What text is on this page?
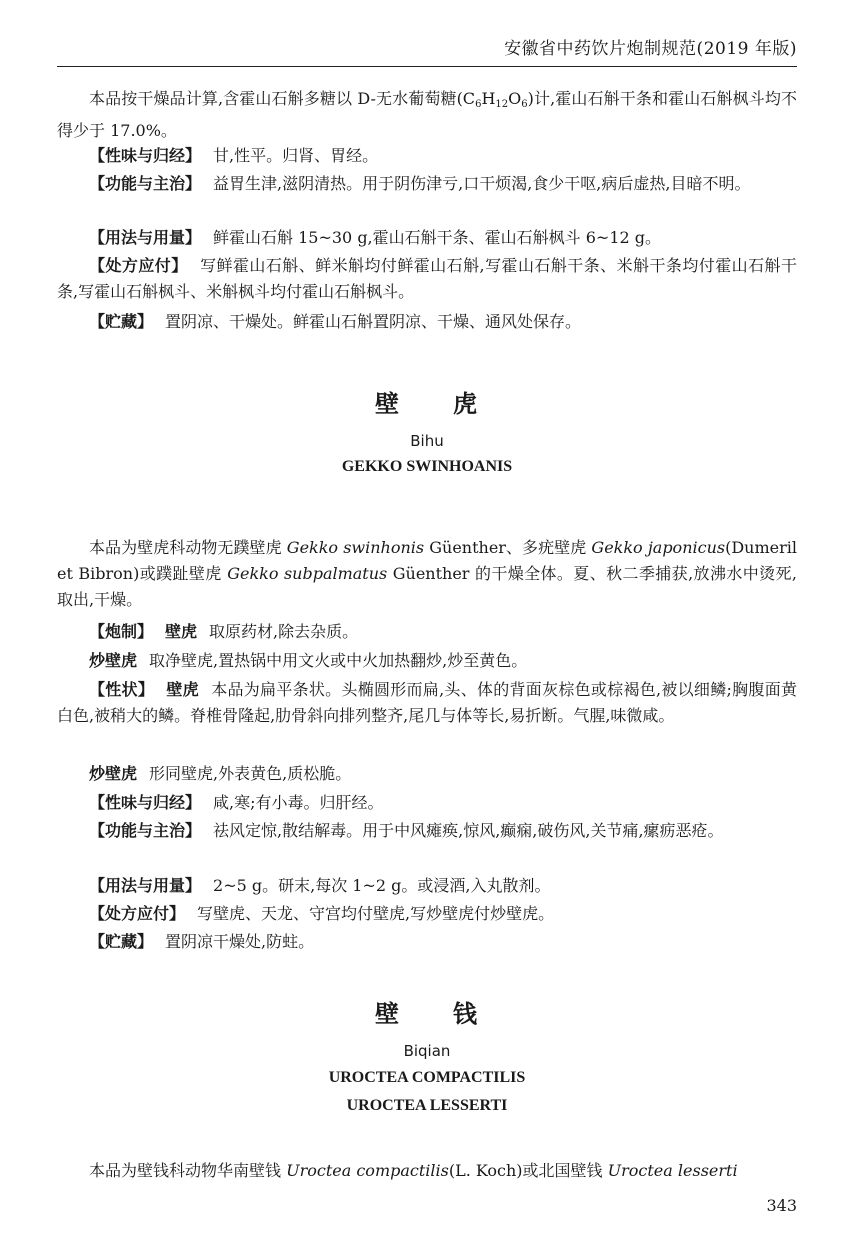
安徽省中药饮片炮制规范(2019 年版)

本品按干燥品计算,含霍山石斛多糖以 D-无水葡萄糖(C6H12O6)计,霍山石斛干条和霍山石斛枫斗均不得少于 17.0%。

【性味与归经】 甘,性平。归肾、胃经。

【功能与主治】 益胃生津,滋阴清热。用于阴伤津亏,口干烦渴,食少干呕,病后虚热,目暗不明。

【用法与用量】 鲜霍山石斛 15~30 g,霍山石斛干条、霍山石斛枫斗 6~12 g。

【处方应付】 写鲜霍山石斛、鲜米斛均付鲜霍山石斛,写霍山石斛干条、米斛干条均付霍山石斛干条,写霍山石斛枫斗、米斛枫斗均付霍山石斛枫斗。

【贮藏】 置阴凉、干燥处。鲜霍山石斛置阴凉、干燥、通风处保存。

壁 虎
Bihu
GEKKO SWINHOANIS

本品为壁虎科动物无蹼壁虎 Gekko swinhonis Güenther、多疣壁虎 Gekko japonicus(Dumeril et Bibron)或蹼趾壁虎 Gekko subpalmatus Güenther 的干燥全体。夏、秋二季捕获,放沸水中烫死,取出,干燥。

【炮制】 壁虎 取原药材,除去杂质。

炒壁虎 取净壁虎,置热锅中用文火或中火加热翻炒,炒至黄色。

【性状】 壁虎 本品为扁平条状。头椭圆形而扁,头、体的背面灰棕色或棕褐色,被以细鳞;胸腹面黄白色,被稍大的鳞。脊椎骨隆起,肋骨斜向排列整齐,尾几与体等长,易折断。气腥,味微咸。

炒壁虎 形同壁虎,外表黄色,质松脆。

【性味与归经】 咸,寒;有小毒。归肝经。

【功能与主治】 祛风定惊,散结解毒。用于中风瘫痪,惊风,癫痫,破伤风,关节痛,瘰疬恶疮。

【用法与用量】 2~5 g。研末,每次 1~2 g。或浸酒,入丸散剂。

【处方应付】 写壁虎、天龙、守宫均付壁虎,写炒壁虎付炒壁虎。

【贮藏】 置阴凉干燥处,防蛀。

壁 钱
Biqian
UROCTEA COMPACTILIS
UROCTEA LESSERTI

本品为壁钱科动物华南壁钱 Uroctea compactilis(L. Koch)或北国壁钱 Uroctea lesserti

343
